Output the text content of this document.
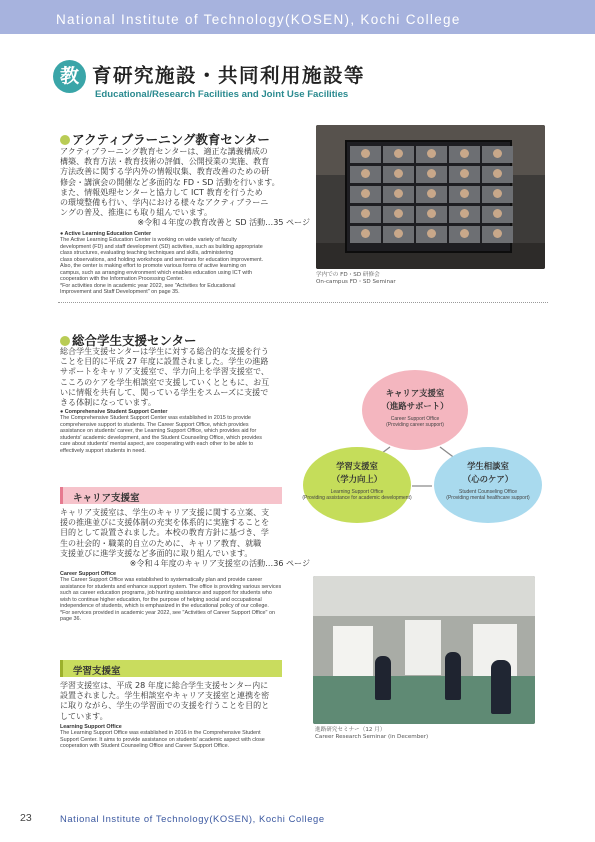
National Institute of Technology(KOSEN), Kochi College
教 育研究施設・共同利用施設等
Educational/Research Facilities and Joint Use Facilities
アクティブラーニング教育センター
アクティブラーニング教育センターは、適正な講義構成の
構築、教育方法・教育技術の評価、公開授業の実施、教育
方法改善に関する学内外の情報収集、教育改善のための研
修会・講演会の開催など多面的な FD・SD 活動を行います。
また、情報処理センターと協力して ICT 教育を行うため
の環境整備も行い、学内における様々なアクティブラーニ
ングの普及、推進にも取り組んでいます。
※令和４年度の教育改善と SD 活動…35 ページ
● Active Learning Education Center
The Active Learning Education Center is working on wide variety of faculty
development (FD) and staff development (SD) activities, such as building appropriate
class structures, evaluating teaching techniques and skills, administering
class observations, and holding workshops and seminars for education improvement.
Also, the center is making effort to promote various forms of active learning on
campus, such as arranging environment which enables education using ICT with
cooperation with the Information Processing Center.
*For activities done in academic year 2022, see "Activities for Educational
Improvement and Staff Development" on page 35.
学内での FD・SD 研修会
On-campus FD・SD Seminar
総合学生支援センター
総合学生支援センターは学生に対する総合的な支援を行う
ことを目的に平成 27 年度に設置されました。学生の進路
サポートをキャリア支援室で、学力向上を学習支援室で、
こころのケアを学生相談室で支援していくとともに、お互
いに情報を共有して、関っている学生をスムーズに支援で
きる体制になっています。
● Comprehensive Student Support Center
The Comprehensive Student Support Center was established in 2015 to provide
comprehensive support to students. The Career Support Office, which provides
assistance on students' career, the Learning Support Office, which provides aid for
students' academic development, and the Student Counseling Office, which provides
care about students' mental aspect, are cooperating with each other to be able to
effectively support students in need.
キャリア支援室
（進路サポート）
Career Support Office
(Providing career support)
学習支援室
（学力向上）
Learning Support Office
(Providing assistance for academic development)
学生相談室
（心のケア）
Student Counseling Office
(Providing mental healthcare support)
キャリア支援室
キャリア支援室は、学生のキャリア支援に関する立案、支
援の推進並びに支援体制の充実を体系的に実施することを
目的として設置されました。本校の教育方針に基づき、学
生の社会的・職業的自立のために、キャリア教育、就職
支援並びに進学支援など多面的に取り組んでいます。
※令和４年度のキャリア支援室の活動…36 ページ
Career Support Office
The Career Support Office was established to systematically plan and provide career
assistance for students and enhance support system. The office is providing various services
such as career education programs, job hunting assistance and support for students who
wish to continue higher education, for the purpose of helping social and occupational
independence of students, which is emphasized in the educational policy of our college.
*For services provided in academic year 2022, see "Activities of Career Support Office" on
page 36.
学習支援室
学習支援室は、平成 28 年度に総合学生支援センター内に
設置されました。学生相談室やキャリア支援室と連携を密
に取りながら、学生の学習面での支援を行うことを目的と
しています。
Learning Support Office
The Learning Support Office was established in 2016 in the Comprehensive Student
Support Center. It aims to provide assistance on students' academic aspect with close
cooperation with Student Counseling Office and Career Support Office.
進路研究セミナー（12 月）
Career Research Seminar (in December)
23	National Institute of Technology(KOSEN), Kochi College
